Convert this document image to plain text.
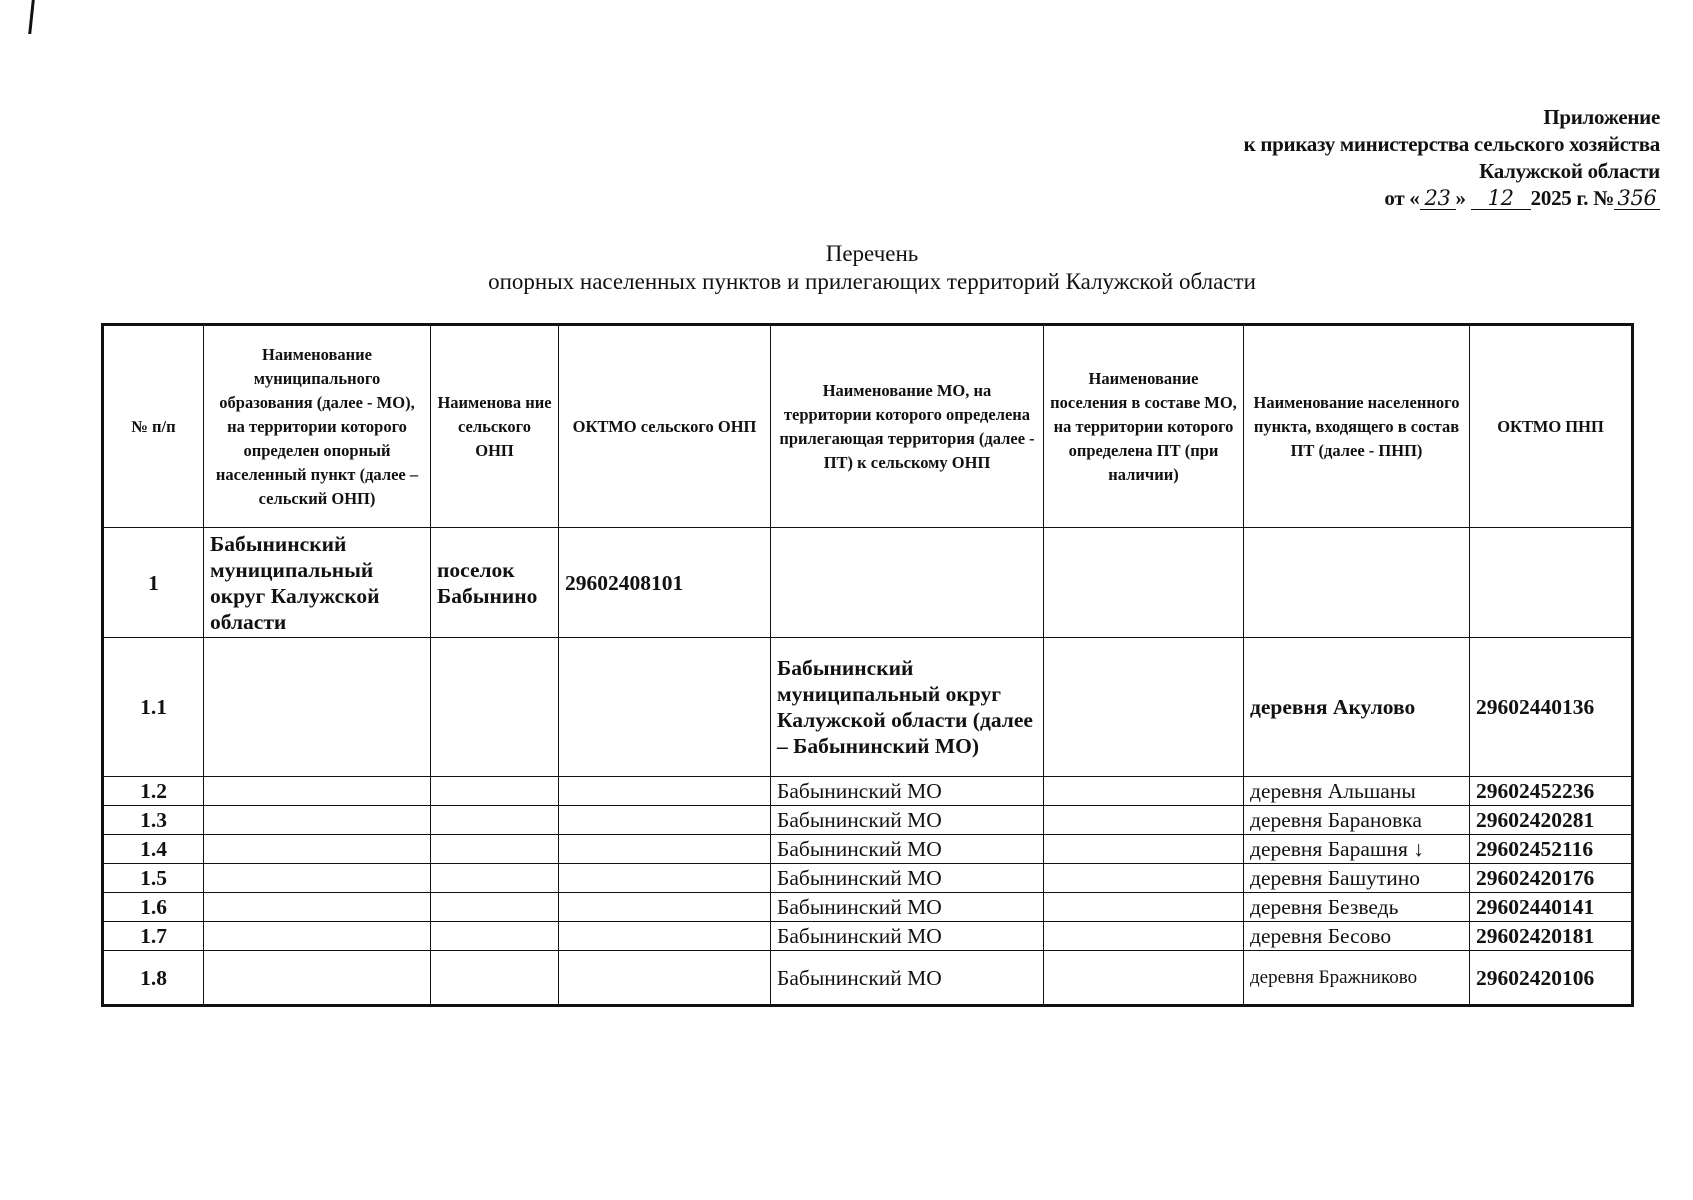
Приложение
к приказу министерства сельского хозяйства
Калужской области
от « 23 » 12 2025 г. № 356
Перечень
опорных населенных пунктов и прилегающих территорий Калужской области
№ п/п	Наименование муниципального образования (далее - МО), на территории которого определен опорный населенный пункт (далее – сельский ОНП)	Наименова ние сельского ОНП	ОКТМО сельского ОНП	Наименование МО, на территории которого определена прилегающая территория (далее - ПТ) к сельскому ОНП	Наименование поселения в составе МО, на территории которого определена ПТ (при наличии)	Наименование населенного пункта, входящего в состав ПТ (далее - ПНП)	ОКТМО ПНП
1	Бабынинский муниципальный округ Калужской области	поселок Бабынино	29602408101				
1.1				Бабынинский муниципальный округ Калужской области (далее – Бабынинский МО)		деревня Акулово	29602440136
1.2				Бабынинский МО		деревня Альшаны	29602452236
1.3				Бабынинский МО		деревня Барановка	29602420281
1.4				Бабынинский МО		деревня Барашня ↓	29602452116
1.5				Бабынинский МО		деревня Башутино	29602420176
1.6				Бабынинский МО		деревня Безведь	29602440141
1.7				Бабынинский МО		деревня Бесово	29602420181
1.8				Бабынинский МО		деревня Бражниково	29602420106
